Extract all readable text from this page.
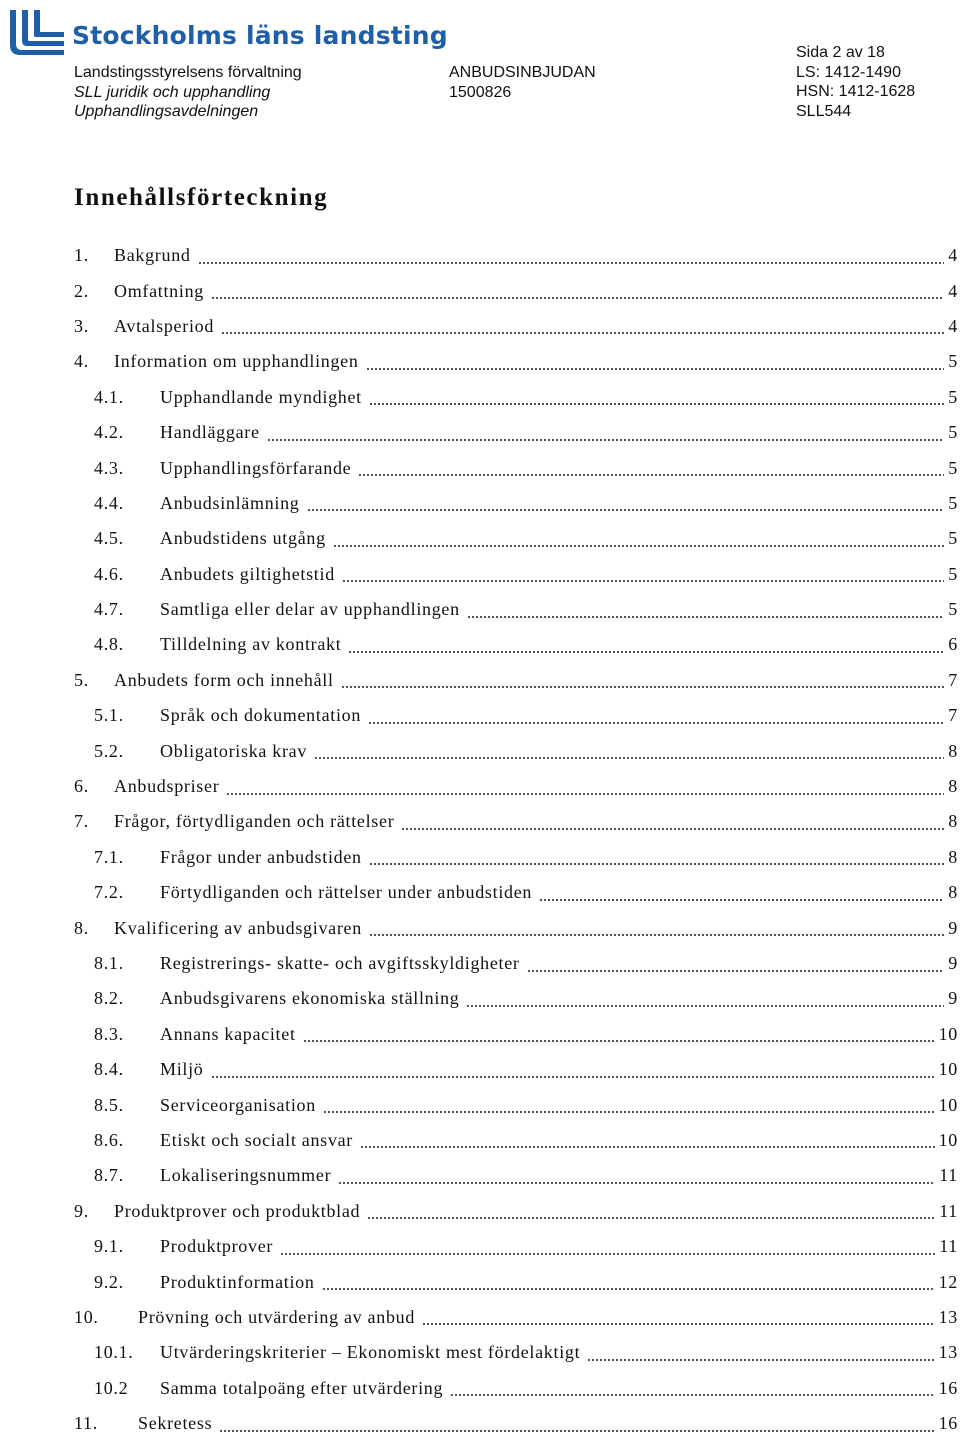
Stockholms läns landsting
Landstingsstyrelsens förvaltning
SLL juridik och upphandling
Upphandlingsavdelningen
ANBUDSINBJUDAN
1500826
Sida 2 av 18
LS: 1412-1490
HSN: 1412-1628
SLL544
Innehållsförteckning
1.	Bakgrund	4
2.	Omfattning	4
3.	Avtalsperiod	4
4.	Information om upphandlingen	5
4.1.	Upphandlande myndighet	5
4.2.	Handläggare	5
4.3.	Upphandlingsförfarande	5
4.4.	Anbudsinlämning	5
4.5.	Anbudstidens utgång	5
4.6.	Anbudets giltighetstid	5
4.7.	Samtliga eller delar av upphandlingen	5
4.8.	Tilldelning av kontrakt	6
5.	Anbudets form och innehåll	7
5.1.	Språk och dokumentation	7
5.2.	Obligatoriska krav	8
6.	Anbudspriser	8
7.	Frågor, förtydliganden och rättelser	8
7.1.	Frågor under anbudstiden	8
7.2.	Förtydliganden och rättelser under anbudstiden	8
8.	Kvalificering av anbudsgivaren	9
8.1.	Registrerings- skatte- och avgiftsskyldigheter	9
8.2.	Anbudsgivarens ekonomiska ställning	9
8.3.	Annans kapacitet	10
8.4.	Miljö	10
8.5.	Serviceorganisation	10
8.6.	Etiskt och socialt ansvar	10
8.7.	Lokaliseringsnummer	11
9.	Produktprover och produktblad	11
9.1.	Produktprover	11
9.2.	Produktinformation	12
10.	Prövning och utvärdering av anbud	13
10.1.	Utvärderingskriterier – Ekonomiskt mest fördelaktigt	13
10.2	Samma totalpoäng efter utvärdering	16
11.	Sekretess	16
